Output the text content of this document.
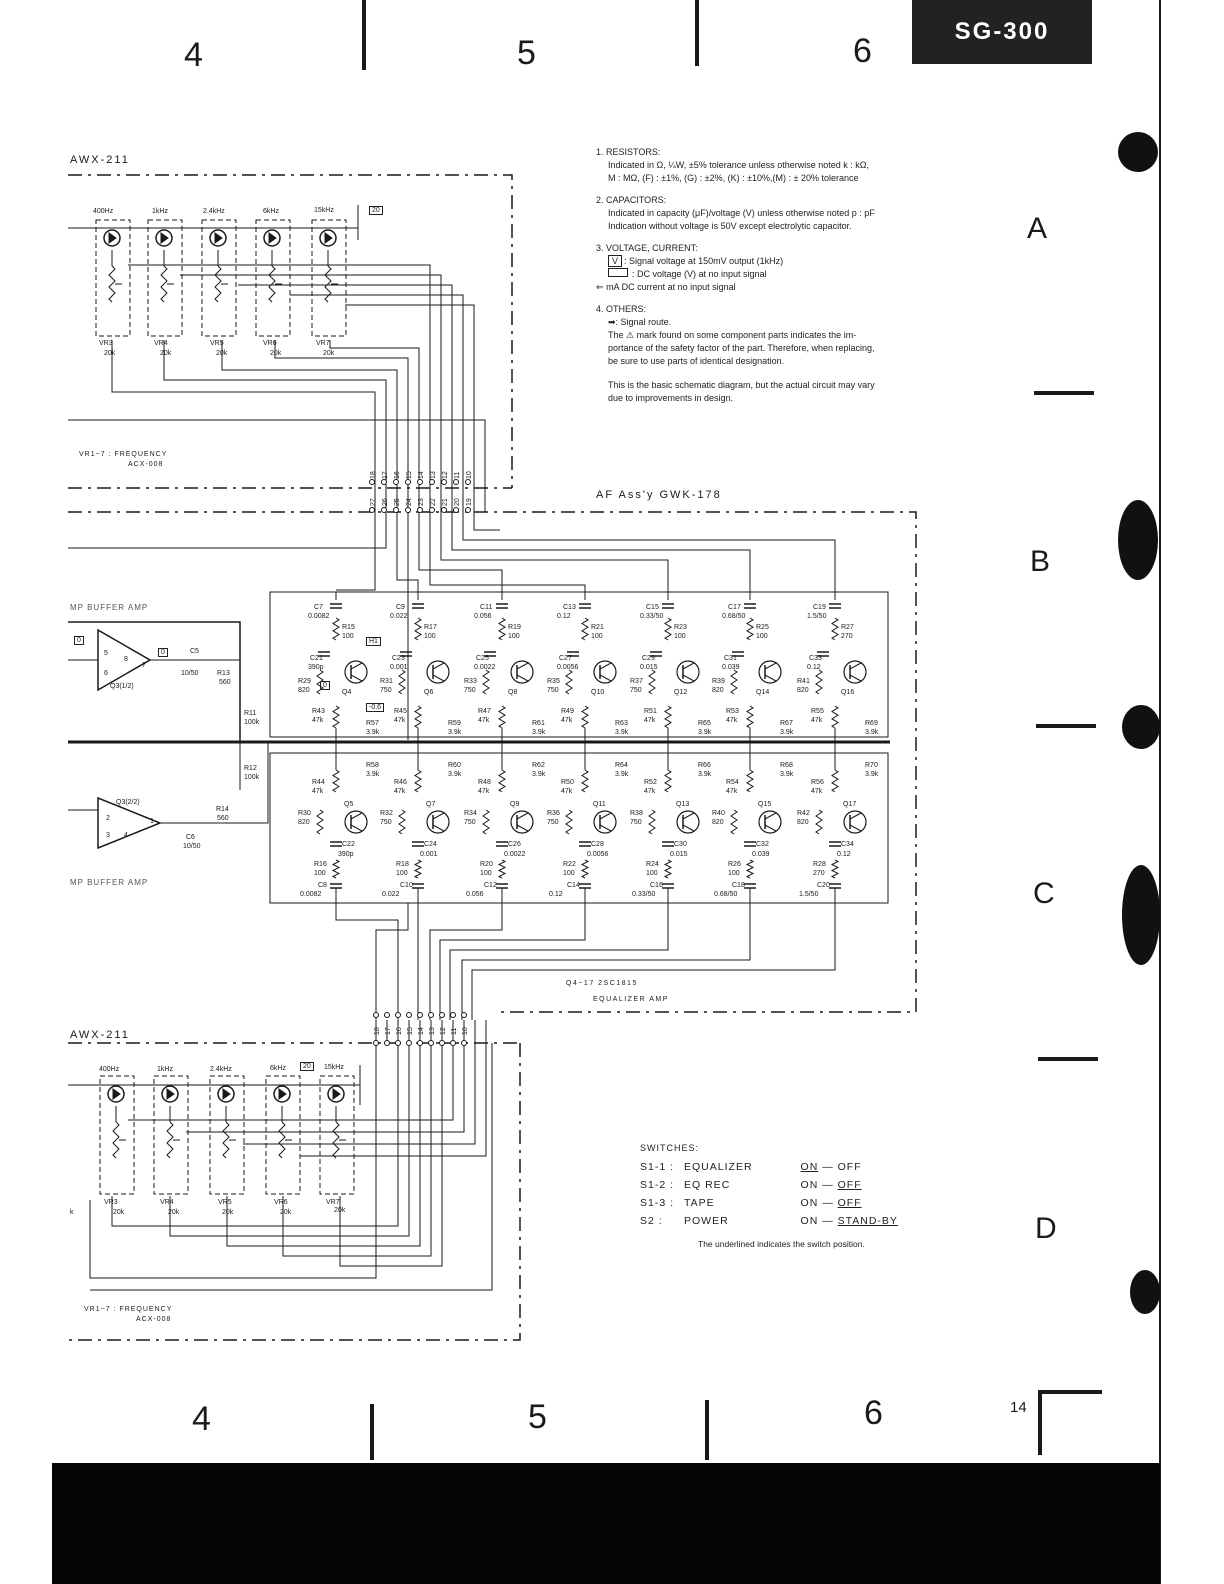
4	5	6
SG-300
4	5	6
A
B
C
D
14
18 17 16 15 14 13 12 11 10
27 26 25 24 23 22 21 20 19
18 17 16 15 14 13 12 11 10
C7
0.0082
R15
100
C21
390p
Q4
R29
820
R43
47k	R57
3.9k
C9
0.022
R17
100
C23
0.001
Q6
R31
750
R45
47k	R59
3.9k
C11
0.056
R19
100
C25
0.0022
Q8
R33
750
R47
47k	R61
3.9k
C13
0.12
R21
100
C27
0.0056
Q10
R35
750
R49
47k	R63
3.9k
C15
0.33/50
R23
100
C29
0.015
Q12
R37
750
R51
47k	R65
3.9k
C17
0.68/50
R25
100
C31
0.039
Q14
R39
820
R53
47k	R67
3.9k
C19
1.5/50
R27
270
C33
0.12
Q16
R41
820
R55
47k	R69
3.9k
R58
3.9k
R44
47k
Q5
R30
820
C22
390p
R16
100
C8
0.0082
R60
3.9k
R46
47k
Q7
R32
750
C24
0.001
R18
100
C10
0.022
R62
3.9k
R48
47k
Q9
R34
750
C26
0.0022
R20
100
C12
0.056
R64
3.9k
R50
47k
Q11
R36
750
C28
0.0056
R22
100
C14
0.12
R66
3.9k
R52
47k
Q13
R38
750
C30
0.015
R24
100
C16
0.33/50
R68
3.9k
R54
47k
Q15
R40
820
C32
0.039
R26
100
C18
0.68/50
R70
3.9k
R56
47k
Q17
R42
820
C34
0.12
R28
270
C20
1.5/50
AWX-211
400Hz	1kHz	2.4kHz	6kHz	15kHz	20
VR3	VR4	VR5	VR6	VR7
20k	20k	20k	20k	20k
VR1~7 : FREQUENCY
ACX-008
AF Ass'y GWK-178
MP BUFFER AMP
MP BUFFER AMP
Q3(1/2)
Q3(2/2)
5
6
8
7
2
3 4
1
0
0	C5
10/50	R13
560
R11
100k
R12
100k
R14
560
C6
10/50
0
H1
-0.6
Q4~17 2SC1815
EQUALIZER AMP
AWX-211
400Hz	1kHz	2.4kHz	6kHz	15kHz
20
VR3	VR4	VR5	VR6	VR7
20k	20k	20k	20k	20k
k
VR1~7 : FREQUENCY
ACX-008
1. RESISTORS:
Indicated in Ω, ¼W, ±5% tolerance unless otherwise noted k : kΩ,
M : MΩ, (F) : ±1%, (G) : ±2%, (K) : ±10%,(M) : ± 20% tolerance
2. CAPACITORS:
Indicated in capacity (μF)/voltage (V) unless otherwise noted p : pF
Indication without voltage is 50V except electrolytic capacitor.
3. VOLTAGE, CURRENT:
V : Signal voltage at 150mV output (1kHz)
: DC voltage (V) at no input signal
⇐ mA DC current at no input signal
4. OTHERS:
➡: Signal route.
The ⚠ mark found on some component parts indicates the im-
portance of the safety factor of the part. Therefore, when replacing,
be sure to use parts of identical designation.
This is the basic schematic diagram, but the actual circuit may vary
due to improvements in design.
SWITCHES:
S1-1 :	EQUALIZER	ON — OFF
S1-2 :	EQ REC	ON — OFF
S1-3 :	TAPE	ON — OFF
S2 :	POWER	ON — STAND-BY
The underlined indicates the switch position.
